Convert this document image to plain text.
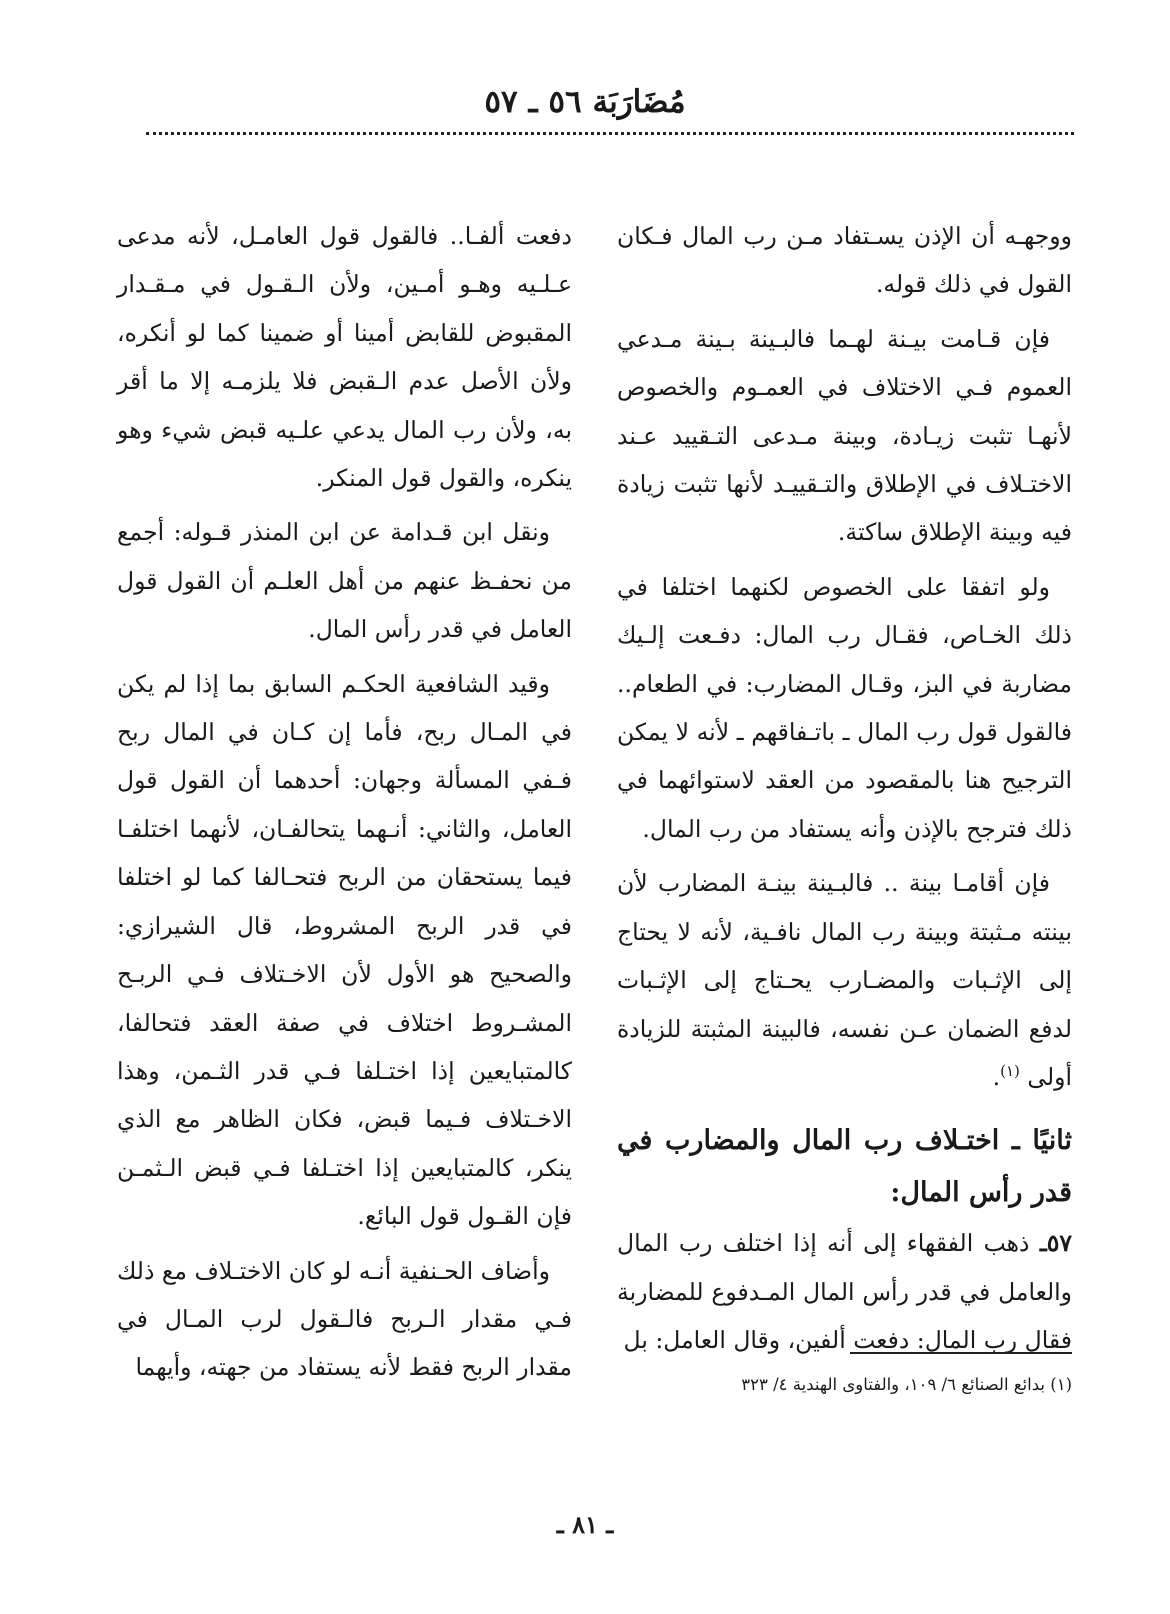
مُضَارَبَة ٥٦ ـ ٥٧

ووجهـه أن الإذن يسـتفاد مـن رب المال فـكان القول في ذلك قوله.

فإن قـامت بيـنة لهـما فالبـينة بـينة مـدعي العموم فـي الاختلاف في العمـوم والخصوص لأنهـا تثبت زيـادة، وبينة مـدعى التـقييد عـند الاختـلاف في الإطلاق والتـقييـد لأنها تثبت زيادة فيه وبينة الإطلاق ساكتة.

ولو اتفقا على الخصوص لكنهما اختلفا في ذلك الخـاص، فقـال رب المال: دفـعت إلـيك مضاربة في البز، وقـال المضارب: في الطعام.. فالقول قول رب المال ـ باتـفاقهم ـ لأنه لا يمكن الترجيح هنا بالمقصود من العقد لاستوائهما في ذلك فترجح بالإذن وأنه يستفاد من رب المال.

فإن أقامـا بينة .. فالبـينة بينـة المضارب لأن بينته مـثبتة وبينة رب المال نافـية، لأنه لا يحتاج إلى الإثـبات والمضـارب يحـتاج إلى الإثـبات لدفع الضمان عـن نفسه، فالبينة المثبتة للزيادة أولى $^{(١)}$.

ثانيًا ـ اختـلاف رب المال والمضارب في قدر رأس المال:

٥٧ـ ذهب الفقهاء إلى أنه إذا اختلف رب المال والعامل في قدر رأس المال المـدفوع للمضاربة فقال رب المال: دفعت ألفين، وقال العامل: بل

دفعت ألفـا.. فالقول قول العامـل، لأنه مدعى عـلـيه وهـو أمـين، ولأن الـقـول في مـقـدار المقبوض للقابض أمينا أو ضمينا كما لو أنكره، ولأن الأصل عدم الـقبض فلا يلزمـه إلا ما أقر به، ولأن رب المال يدعي علـيه قبض شيء وهو ينكره، والقول قول المنكر.

ونقل ابن قـدامة عن ابن المنذر قـوله: أجمع من نحفـظ عنهم من أهل العلـم أن القول قول العامل في قدر رأس المال.

وقيد الشافعية الحكـم السابق بما إذا لم يكن في المـال ربح، فأما إن كـان في المال ربح فـفي المسألة وجهان: أحدهما أن القول قول العامل، والثاني: أنـهما يتحالفـان، لأنهما اختلفـا فيما يستحقان من الربح فتحـالفا كما لو اختلفا في قدر الربح المشروط، قال الشيرازي: والصحيح هو الأول لأن الاخـتلاف فـي الربـح المشـروط اختلاف في صفة العقد فتحالفا، كالمتبايعين إذا اختـلفا فـي قدر الثـمن، وهذا الاخـتلاف فـيما قبض، فكان الظاهر مع الذي ينكر، كالمتبايعين إذا اختـلفا فـي قبض الـثمـن فإن القـول قول البائع.

وأضاف الحـنفية أنـه لو كان الاختـلاف مع ذلك فـي مقدار الـربح فالـقول لرب المـال في مقدار الربح فقط لأنه يستفاد من جهته، وأيهما

(١) بدائع الصنائع ٦/ ١٠٩، والفتاوى الهندية ٤/ ٣٢٣
ـ ٨١ ـ
